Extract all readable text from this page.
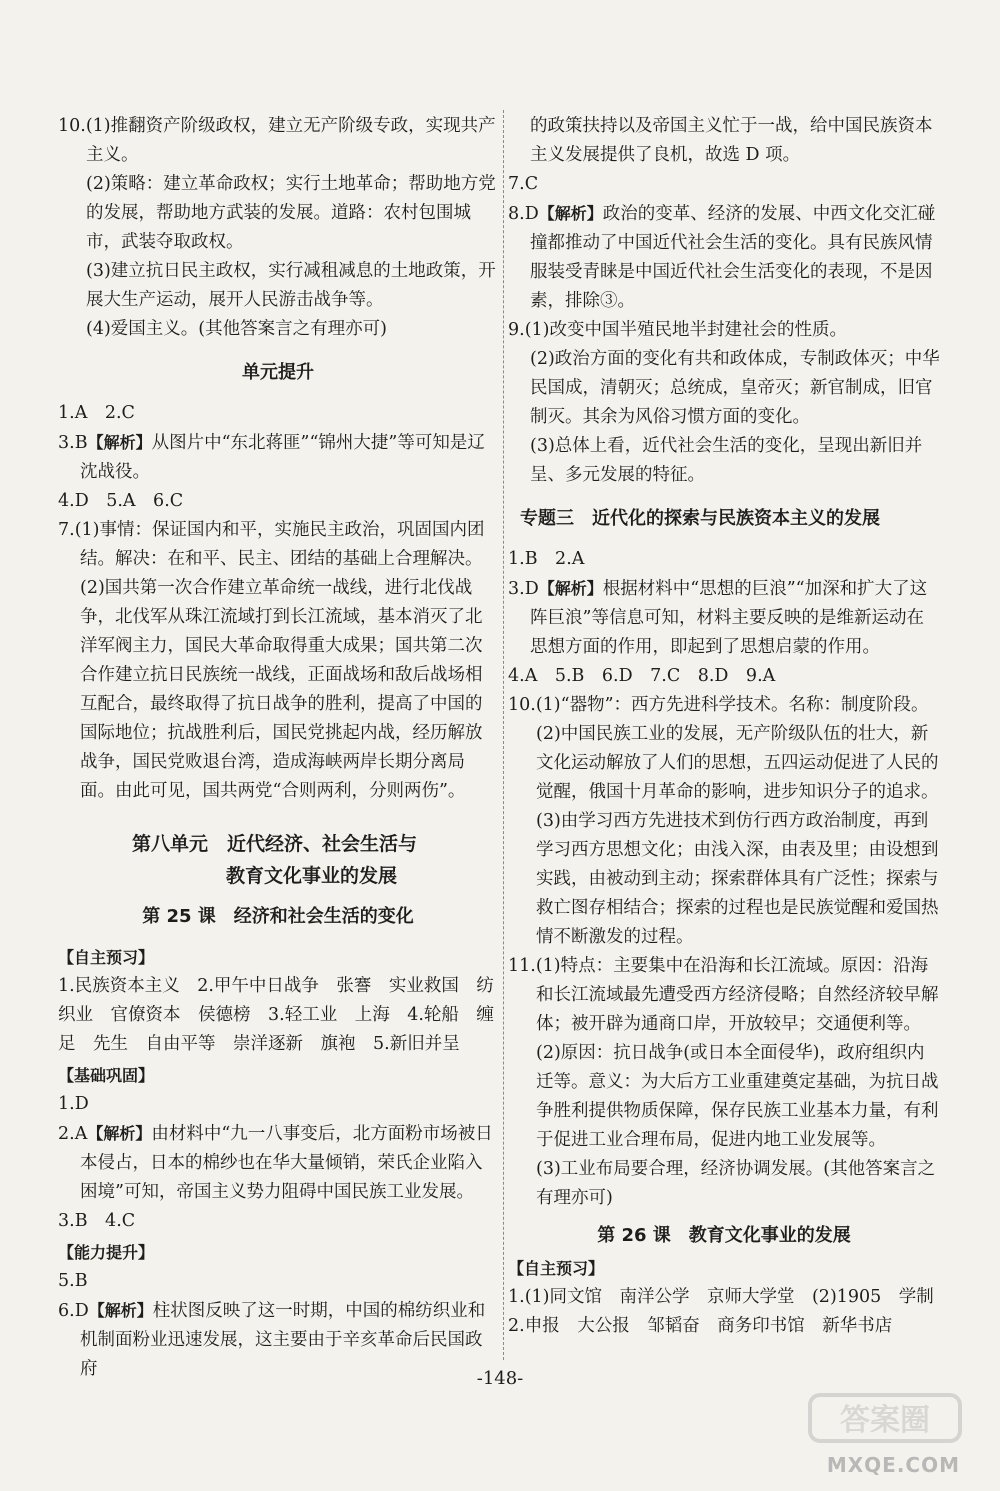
10.(1)推翻资产阶级政权，建立无产阶级专政，实现共产主义。

(2)策略：建立革命政权；实行土地革命；帮助地方党的发展，帮助地方武装的发展。道路：农村包围城市，武装夺取政权。

(3)建立抗日民主政权，实行减租减息的土地政策，开展大生产运动，展开人民游击战争等。

(4)爱国主义。(其他答案言之有理亦可)

单元提升

1.A　2.C

3.B【解析】从图片中“东北蒋匪”“锦州大捷”等可知是辽沈战役。

4.D　5.A　6.C

7.(1)事情：保证国内和平，实施民主政治，巩固国内团结。解决：在和平、民主、团结的基础上合理解决。

(2)国共第一次合作建立革命统一战线，进行北伐战争，北伐军从珠江流域打到长江流域，基本消灭了北洋军阀主力，国民大革命取得重大成果；国共第二次合作建立抗日民族统一战线，正面战场和敌后战场相互配合，最终取得了抗日战争的胜利，提高了中国的国际地位；抗战胜利后，国民党挑起内战，经历解放战争，国民党败退台湾，造成海峡两岸长期分离局面。由此可见，国共两党“合则两利，分则两伤”。

第八单元　近代经济、社会生活与
教育文化事业的发展
第 25 课　经济和社会生活的变化

【自主预习】

1.民族资本主义　2.甲午中日战争　张謇　实业救国　纺织业　官僚资本　侯德榜　3.轻工业　上海　4.轮船　缠足　先生　自由平等　崇洋逐新　旗袍　5.新旧并呈

【基础巩固】

1.D

2.A【解析】由材料中“九一八事变后，北方面粉市场被日本侵占，日本的棉纱也在华大量倾销，荣氏企业陷入困境”可知，帝国主义势力阻碍中国民族工业发展。

3.B　4.C

【能力提升】

5.B

6.D【解析】柱状图反映了这一时期，中国的棉纺织业和机制面粉业迅速发展，这主要由于辛亥革命后民国政府

的政策扶持以及帝国主义忙于一战，给中国民族资本主义发展提供了良机，故选 D 项。

7.C

8.D【解析】政治的变革、经济的发展、中西文化交汇碰撞都推动了中国近代社会生活的变化。具有民族风情服装受青睐是中国近代社会生活变化的表现，不是因素，排除③。

9.(1)改变中国半殖民地半封建社会的性质。

(2)政治方面的变化有共和政体成，专制政体灭；中华民国成，清朝灭；总统成，皇帝灭；新官制成，旧官制灭。其余为风俗习惯方面的变化。

(3)总体上看，近代社会生活的变化，呈现出新旧并呈、多元发展的特征。

专题三　近代化的探索与民族资本主义的发展

1.B　2.A

3.D【解析】根据材料中“思想的巨浪”“加深和扩大了这阵巨浪”等信息可知，材料主要反映的是维新运动在思想方面的作用，即起到了思想启蒙的作用。

4.A　5.B　6.D　7.C　8.D　9.A

10.(1)“器物”：西方先进科学技术。名称：制度阶段。

(2)中国民族工业的发展，无产阶级队伍的壮大，新文化运动解放了人们的思想，五四运动促进了人民的觉醒，俄国十月革命的影响，进步知识分子的追求。

(3)由学习西方先进技术到仿行西方政治制度，再到学习西方思想文化；由浅入深，由表及里；由设想到实践，由被动到主动；探索群体具有广泛性；探索与救亡图存相结合；探索的过程也是民族觉醒和爱国热情不断激发的过程。

11.(1)特点：主要集中在沿海和长江流域。原因：沿海和长江流域最先遭受西方经济侵略；自然经济较早解体；被开辟为通商口岸，开放较早；交通便利等。

(2)原因：抗日战争(或日本全面侵华)，政府组织内迁等。意义：为大后方工业重建奠定基础，为抗日战争胜利提供物质保障，保存民族工业基本力量，有利于促进工业合理布局，促进内地工业发展等。

(3)工业布局要合理，经济协调发展。(其他答案言之有理亦可)

第 26 课　教育文化事业的发展

【自主预习】

1.(1)同文馆　南洋公学　京师大学堂　(2)1905　学制

2.申报　大公报　邹韬奋　商务印书馆　新华书店

-148-
答案圈
MXQE.COM
